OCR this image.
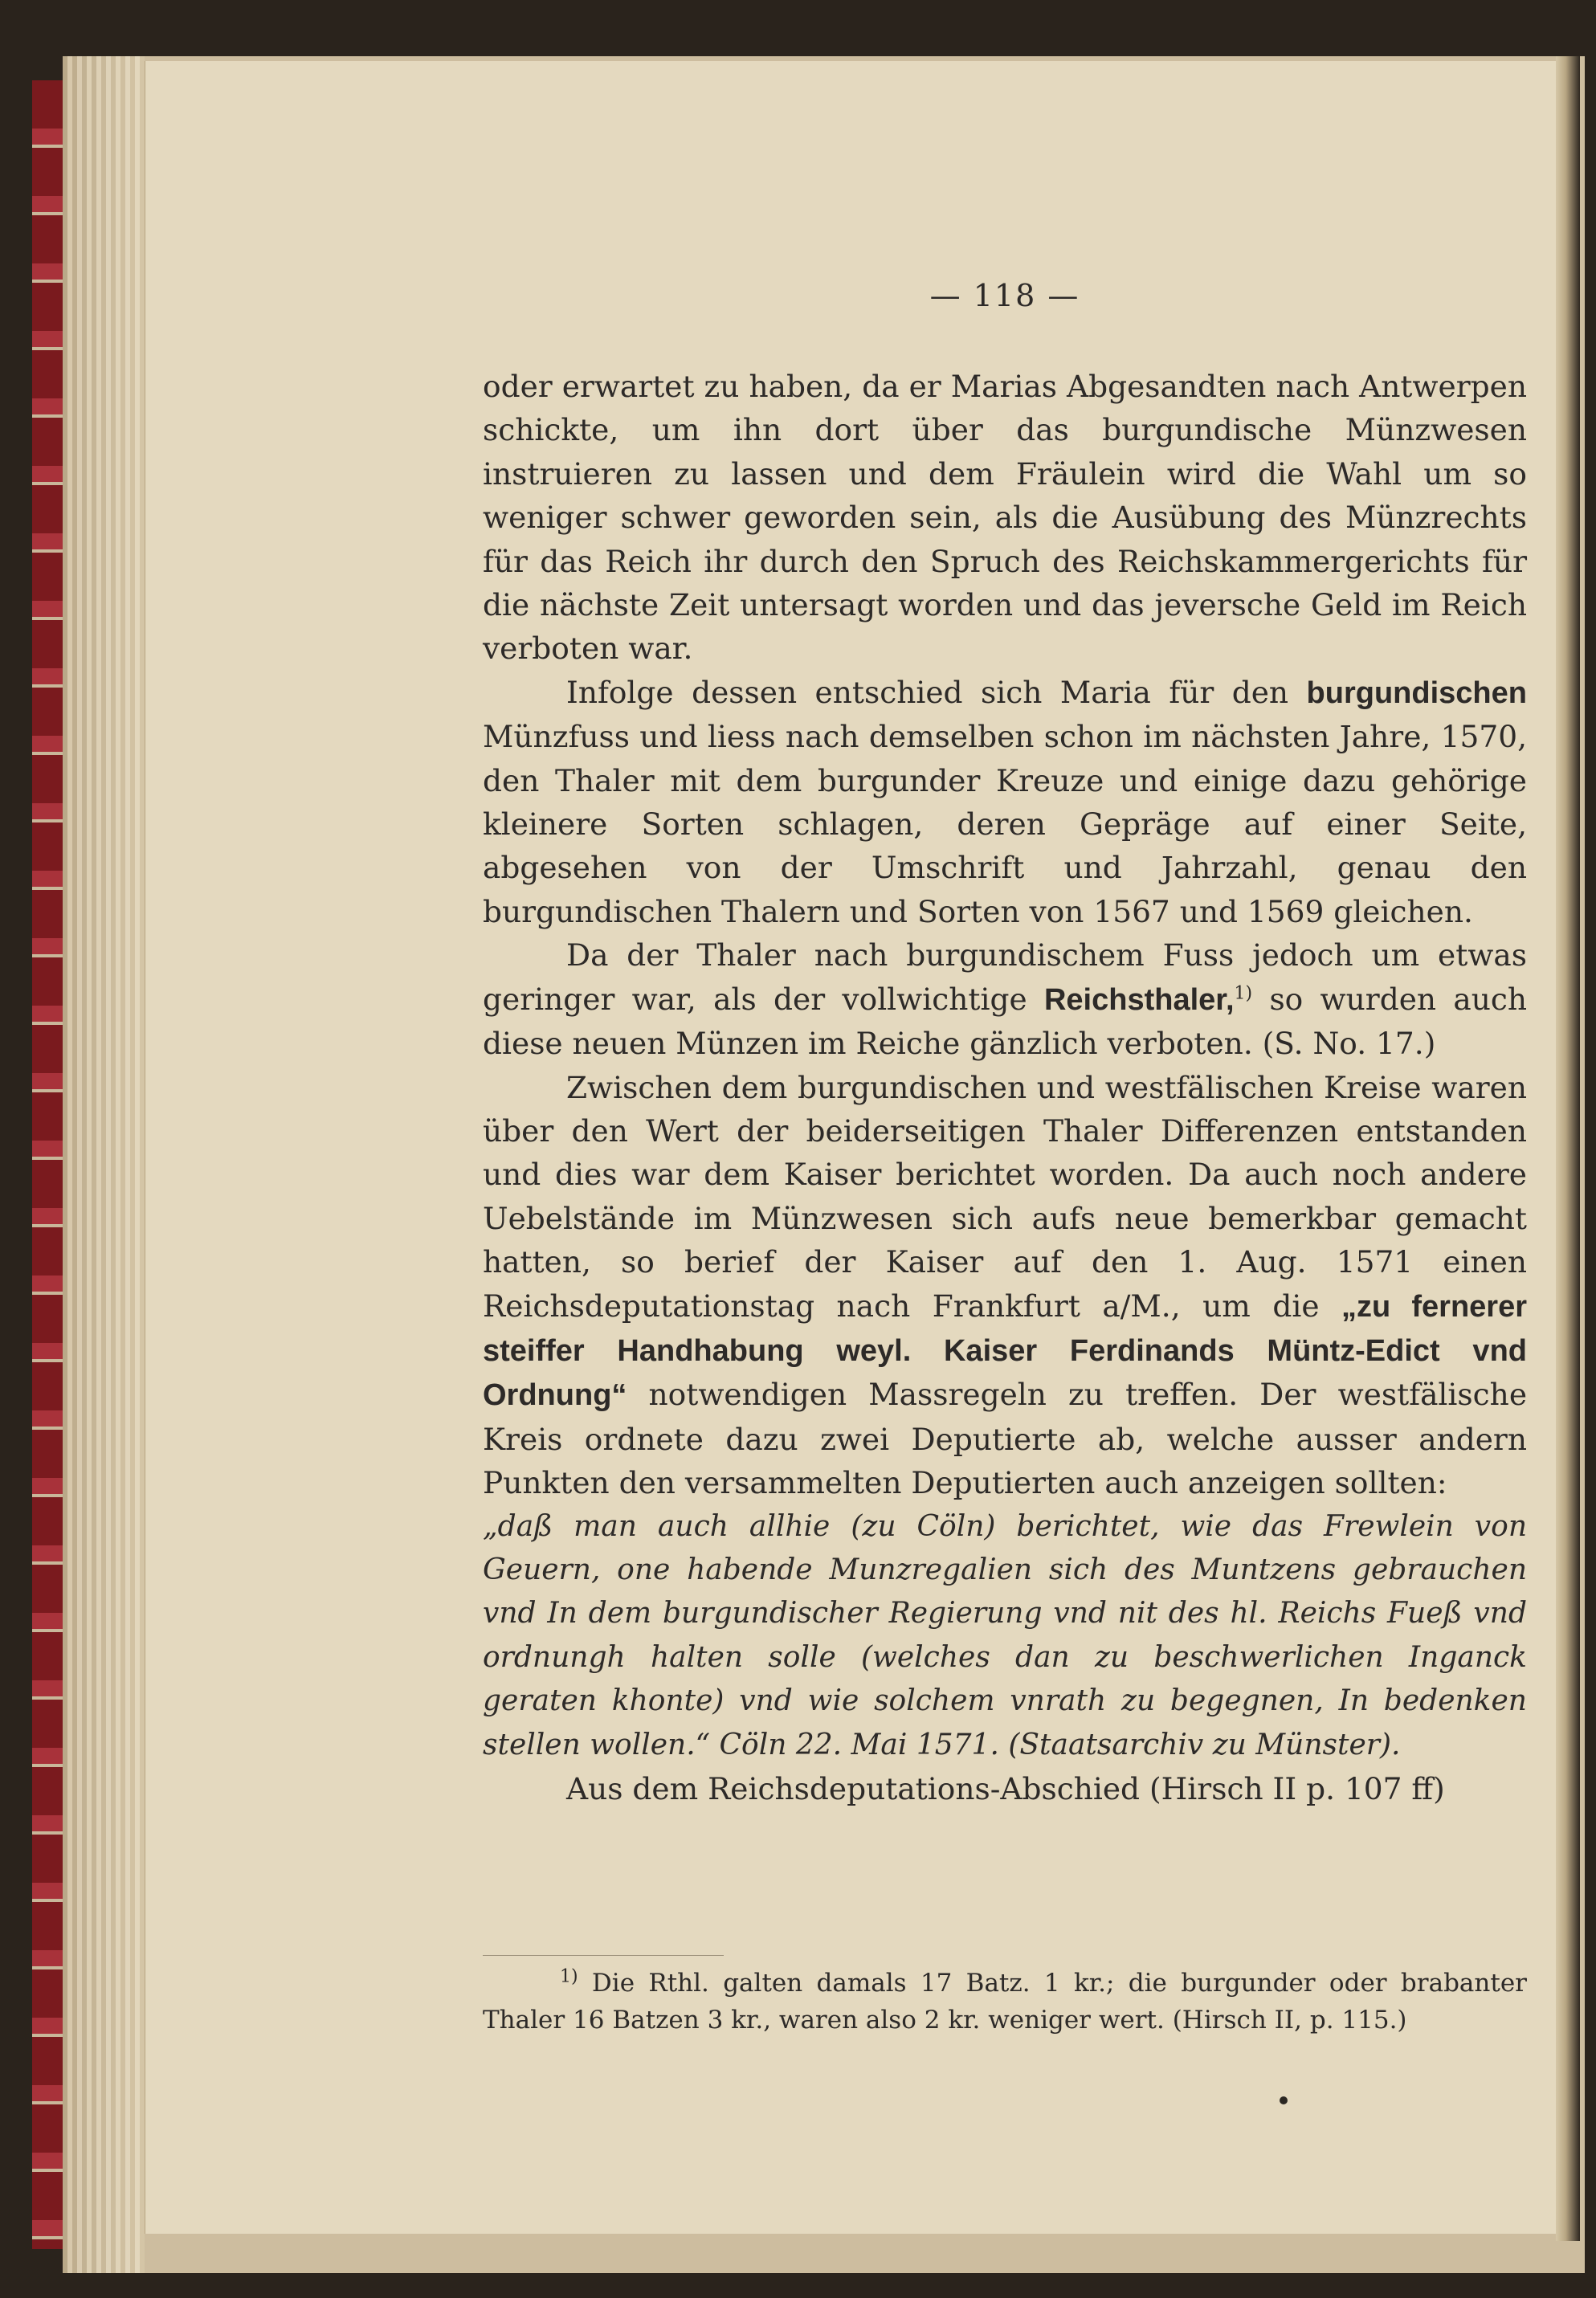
— 118 —

oder erwartet zu haben, da er Marias Abgesandten nach Antwerpen schickte, um ihn dort über das burgundische Münzwesen instruieren zu lassen und dem Fräulein wird die Wahl um so weniger schwer geworden sein, als die Ausübung des Münzrechts für das Reich ihr durch den Spruch des Reichskammergerichts für die nächste Zeit untersagt worden und das jeversche Geld im Reich verboten war.

Infolge dessen entschied sich Maria für den burgundischen Münzfuss und liess nach demselben schon im nächsten Jahre, 1570, den Thaler mit dem burgunder Kreuze und einige dazu gehörige kleinere Sorten schlagen, deren Gepräge auf einer Seite, abgesehen von der Umschrift und Jahrzahl, genau den burgundischen Thalern und Sorten von 1567 und 1569 gleichen.

Da der Thaler nach burgundischem Fuss jedoch um etwas geringer war, als der vollwichtige Reichsthaler,$^{1)}$ so wurden auch diese neuen Münzen im Reiche gänzlich verboten. (S. No. 17.)

Zwischen dem burgundischen und westfälischen Kreise waren über den Wert der beiderseitigen Thaler Differenzen entstanden und dies war dem Kaiser berichtet worden. Da auch noch andere Uebelstände im Münzwesen sich aufs neue bemerkbar gemacht hatten, so berief der Kaiser auf den 1. Aug. 1571 einen Reichsdeputationstag nach Frankfurt a/M., um die „zu fernerer steiffer Handhabung weyl. Kaiser Ferdinands Müntz-Edict vnd Ordnung“ notwendigen Massregeln zu treffen. Der westfälische Kreis ordnete dazu zwei Deputierte ab, welche ausser andern Punkten den versammelten Deputierten auch anzeigen sollten:

„daß man auch allhie (zu Cöln) berichtet, wie das Frewlein von Geuern, one habende Munzregalien sich des Muntzens gebrauchen vnd In dem burgundischer Regierung vnd nit des hl. Reichs Fueß vnd ordnungh halten solle (welches dan zu beschwerlichen Inganck geraten khonte) vnd wie solchem vnrath zu begegnen, In bedenken stellen wollen.“ Cöln 22. Mai 1571. (Staatsarchiv zu Münster).

Aus dem Reichsdeputations-Abschied (Hirsch II p. 107 ff)

$^{1)}$ Die Rthl. galten damals 17 Batz. 1 kr.; die burgunder oder brabanter Thaler 16 Batzen 3 kr., waren also 2 kr. weniger wert. (Hirsch II, p. 115.)
